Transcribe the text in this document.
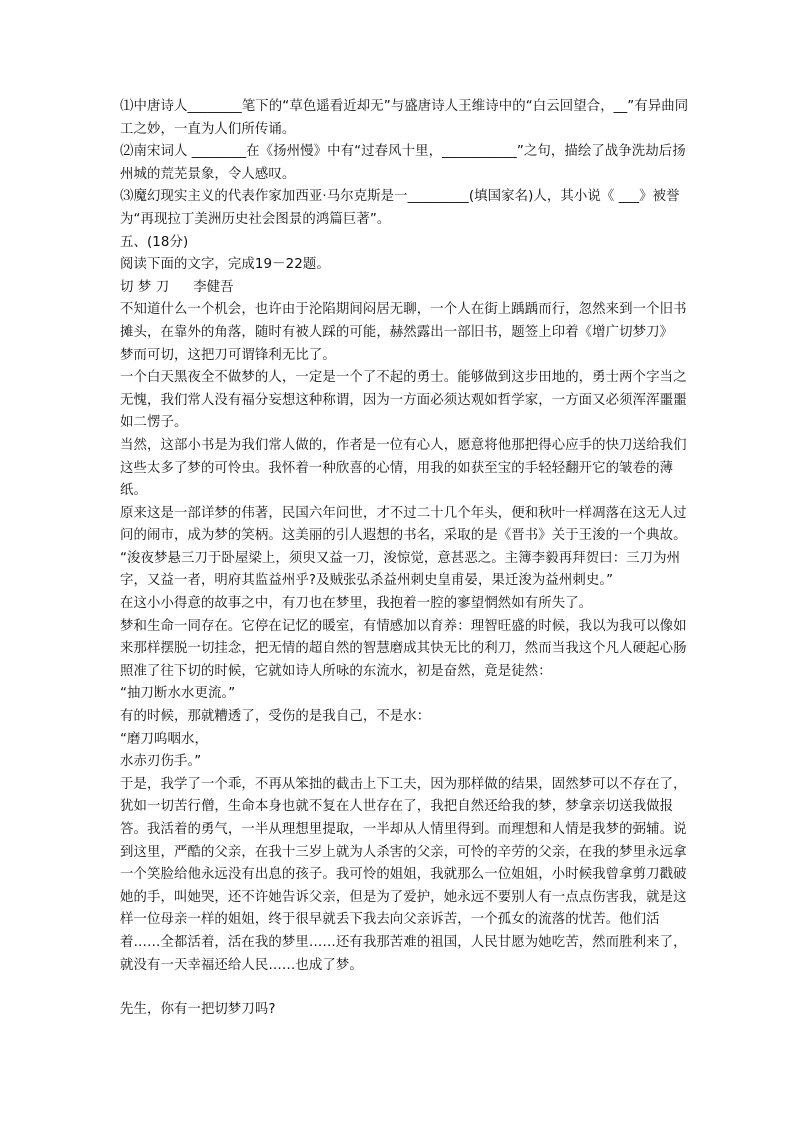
⑴中唐诗人________笔下的“草色遥看近却无”与盛唐诗人王维诗中的“白云回望合，__”有异曲同工之妙，一直为人们所传诵。

⑵南宋词人 ________在《扬州慢》中有“过春风十里，___________”之句，描绘了战争洗劫后扬州城的荒芜景象，令人感叹。

⑶魔幻现实主义的代表作家加西亚·马尔克斯是一_________(填国家名)人，其小说《 ___》被誉为“再现拉丁美洲历史社会图景的鸿篇巨著”。

五、(18分)

阅读下面的文字，完成19－22题。

切 梦 刀 李健吾

不知道什么一个机会，也许由于沦陷期间闷居无聊，一个人在街上踽踽而行，忽然来到一个旧书摊头，在靠外的角落，随时有被人踩的可能，赫然露出一部旧书，题签上印着《增广切梦刀》

梦而可切，这把刀可谓锋利无比了。

一个白天黑夜全不做梦的人，一定是一个了不起的勇士。能够做到这步田地的，勇士两个字当之无愧，我们常人没有福分妄想这种称谓，因为一方面必须达观如哲学家，一方面又必须浑浑噩噩如二愣子。

当然，这部小书是为我们常人做的，作者是一位有心人，愿意将他那把得心应手的快刀送给我们这些太多了梦的可怜虫。我怀着一种欣喜的心情，用我的如获至宝的手轻轻翻开它的皱卷的薄纸。

原来这是一部详梦的伟著，民国六年问世，才不过二十几个年头，便和秋叶一样凋落在这无人过问的闹市，成为梦的笑柄。这美丽的引人遐想的书名，采取的是《晋书》关于王浚的一个典故。

“浚夜梦悬三刀于卧屋梁上，须臾又益一刀，浚惊觉，意甚恶之。主簿李毅再拜贺曰：三刀为州字，又益一者，明府其监益州乎?及贼张弘杀益州刺史皇甫晏，果迁浚为益州刺史。”

在这小小得意的故事之中，有刀也在梦里，我抱着一腔的寥望惘然如有所失了。

梦和生命一同存在。它停在记忆的暖室，有情感加以育养：理智旺盛的时候，我以为我可以像如来那样摆脱一切挂念，把无情的超自然的智慧磨成其快无比的利刀，然而当我这个凡人硬起心肠照准了往下切的时候，它就如诗人所咏的东流水，初是奋然，竟是徒然：

“抽刀断水水更流。”

有的时候，那就糟透了，受伤的是我自己，不是水：

“磨刀呜咽水，

水赤刃伤手。”

于是，我学了一个乖，不再从笨拙的截击上下工夫，因为那样做的结果，固然梦可以不存在了，犹如一切苦行僧，生命本身也就不复在人世存在了，我把自然还给我的梦，梦拿亲切送我做报答。我活着的勇气，一半从理想里提取，一半却从人情里得到。而理想和人情是我梦的弼辅。说到这里，严酷的父亲，在我十三岁上就为人杀害的父亲，可怜的辛劳的父亲，在我的梦里永远拿一个笑脸给他永远没有出息的孩子。我可怜的姐姐，我就那么一位姐姐，小时候我曾拿剪刀戳破她的手，叫她哭，还不许她告诉父亲，但是为了爱护，她永远不要别人有一点点伤害我，就是这样一位母亲一样的姐姐，终于很早就丢下我去向父亲诉苦，一个孤女的流落的忧苦。他们活着……全都活着，活在我的梦里……还有我那苦难的祖国，人民甘愿为她吃苦，然而胜利来了，就没有一天幸福还给人民……也成了梦。

先生，你有一把切梦刀吗?
